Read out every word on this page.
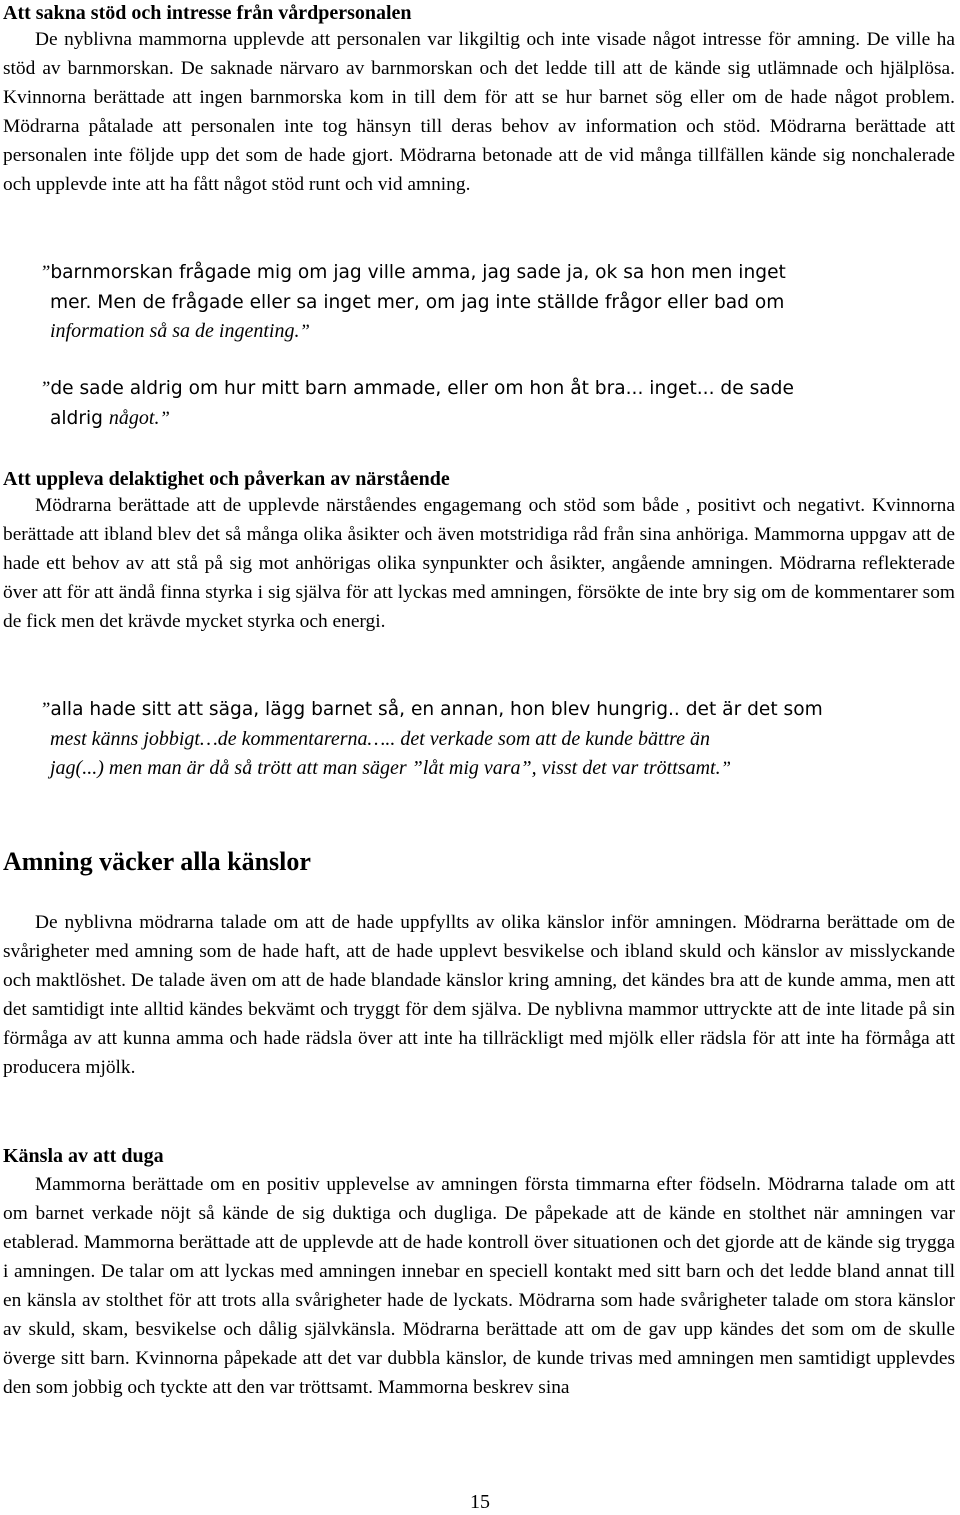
Att sakna stöd och intresse från vårdpersonalen

De nyblivna mammorna upplevde att personalen var likgiltig och inte visade något intresse för amning. De ville ha stöd av barnmorskan. De saknade närvaro av barnmorskan och det ledde till att de kände sig utlämnade och hjälplösa. Kvinnorna berättade att ingen barnmorska kom in till dem för att se hur barnet sög eller om de hade något problem. Mödrarna påtalade att personalen inte tog hänsyn till deras behov av information och stöd. Mödrarna berättade att personalen inte följde upp det som de hade gjort. Mödrarna betonade att de vid många tillfällen kände sig nonchalerade och upplevde inte att ha fått något stöd runt och vid amning.

”barnmorskan frågade mig om jag ville amma, jag sade ja, ok sa hon men inget
mer. Men de frågade eller sa inget mer, om jag inte ställde frågor eller bad om
information så sa de ingenting.”
”de sade aldrig om hur mitt barn ammade, eller om hon åt bra... inget... de sade
aldrig något.”
Att uppleva delaktighet och påverkan av närstående

Mödrarna berättade att de upplevde närståendes engagemang och stöd som både , positivt och negativt. Kvinnorna berättade att ibland blev det så många olika åsikter och även motstridiga råd från sina anhöriga. Mammorna uppgav att de hade ett behov av att stå på sig mot anhörigas olika synpunkter och åsikter, angående amningen. Mödrarna reflekterade över att för att ändå finna styrka i sig själva för att lyckas med amningen, försökte de inte bry sig om de kommentarer som de fick men det krävde mycket styrka och energi.

”alla hade sitt att säga, lägg barnet så, en annan, hon blev hungrig.. det är det som
mest känns jobbigt…de kommentarerna….. det verkade som att de kunde bättre än
jag(...) men man är då så trött att man säger ”låt mig vara”, visst det var tröttsamt.”
Amning väcker alla känslor

De nyblivna mödrarna talade om att de hade uppfyllts av olika känslor inför amningen. Mödrarna berättade om de svårigheter med amning som de hade haft, att de hade upplevt besvikelse och ibland skuld och känslor av misslyckande och maktlöshet. De talade även om att de hade blandade känslor kring amning, det kändes bra att de kunde amma, men att det samtidigt inte alltid kändes bekvämt och tryggt för dem själva. De nyblivna mammor uttryckte att de inte litade på sin förmåga av att kunna amma och hade rädsla över att inte ha tillräckligt med mjölk eller rädsla för att inte ha förmåga att producera mjölk.

Känsla av att duga

Mammorna berättade om en positiv upplevelse av amningen första timmarna efter födseln. Mödrarna talade om att om barnet verkade nöjt så kände de sig duktiga och dugliga. De påpekade att de kände en stolthet när amningen var etablerad. Mammorna berättade att de upplevde att de hade kontroll över situationen och det gjorde att de kände sig trygga i amningen. De talar om att lyckas med amningen innebar en speciell kontakt med sitt barn och det ledde bland annat till en känsla av stolthet för att trots alla svårigheter hade de lyckats. Mödrarna som hade svårigheter talade om stora känslor av skuld, skam, besvikelse och dålig självkänsla. Mödrarna berättade att om de gav upp kändes det som om de skulle överge sitt barn. Kvinnorna påpekade att det var dubbla känslor, de kunde trivas med amningen men samtidigt upplevdes den som jobbig och tyckte att den var tröttsamt. Mammorna beskrev sina

15
